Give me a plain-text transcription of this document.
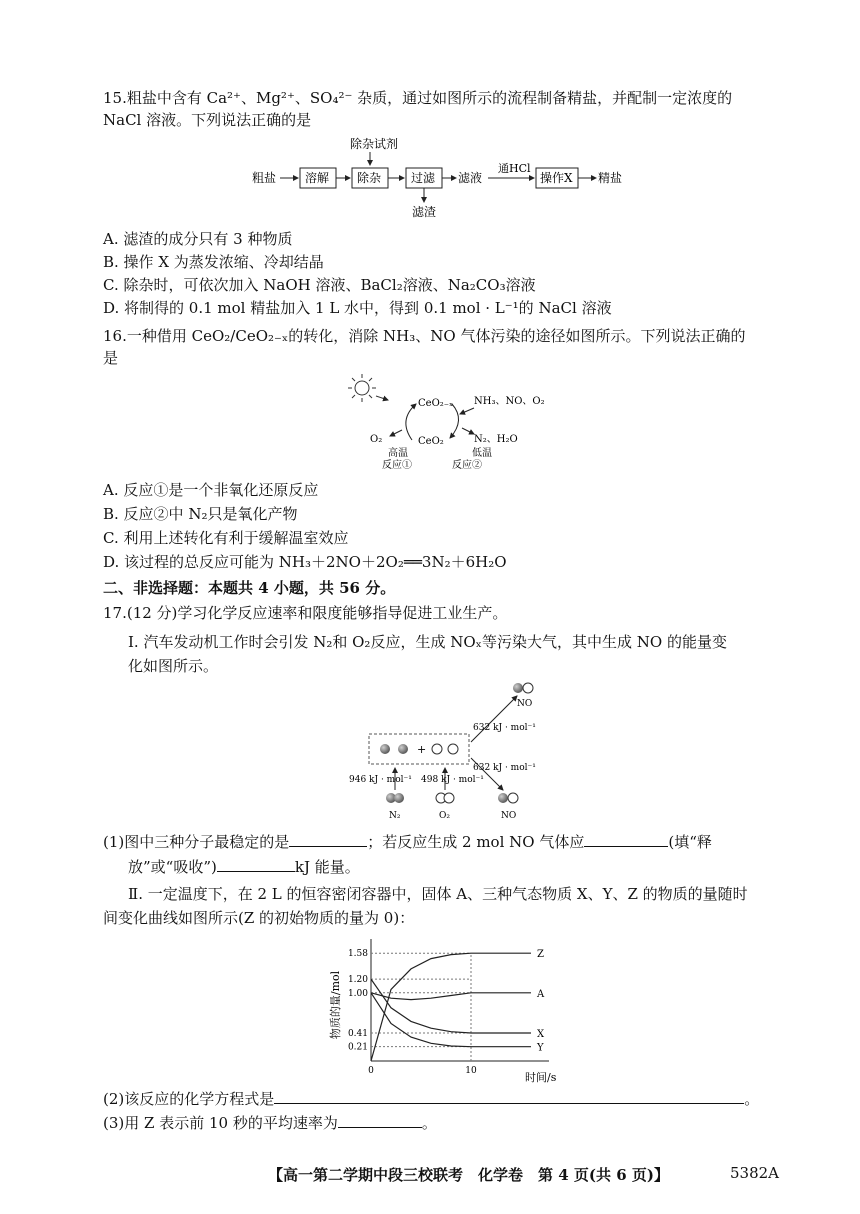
15.粗盐中含有 Ca²⁺、Mg²⁺、SO₄²⁻ 杂质，通过如图所示的流程制备精盐，并配制一定浓度的
NaCl 溶液。下列说法正确的是
除杂试剂
粗盐 溶解 除杂 过滤
滤渣
滤液
通HCl
操作X 精盐
A. 滤渣的成分只有 3 种物质
B. 操作 X 为蒸发浓缩、冷却结晶
C. 除杂时，可依次加入 NaOH 溶液、BaCl₂溶液、Na₂CO₃溶液
D. 将制得的 0.1 mol 精盐加入 1 L 水中，得到 0.1 mol · L⁻¹的 NaCl 溶液
16.一种借用 CeO₂/CeO₂₋ₓ的转化，消除 NH₃、NO 气体污染的途径如图所示。下列说法正确的
是
CeO₂₋ₓ
CeO₂
O₂
NH₃、NO、O₂
N₂、H₂O
高温	低温
反应①	反应②
A. 反应①是一个非氧化还原反应
B. 反应②中 N₂只是氧化产物
C. 利用上述转化有利于缓解温室效应
D. 该过程的总反应可能为 NH₃＋2NO＋2O₂══3N₂＋6H₂O
二、非选择题：本题共 4 小题，共 56 分。
17.(12 分)学习化学反应速率和限度能够指导促进工业生产。
Ⅰ. 汽车发动机工作时会引发 N₂和 O₂反应，生成 NOₓ等污染大气，其中生成 NO 的能量变
化如图所示。
NO
+
632 kJ · mol⁻¹
632 kJ · mol⁻¹
946 kJ · mol⁻¹ 498 kJ · mol⁻¹
N₂	O₂	NO
(1)图中三种分子最稳定的是	；若反应生成 2 mol NO 气体应	(填“释
放”或“吸收”)	kJ 能量。
Ⅱ. 一定温度下，在 2 L 的恒容密闭容器中，固体 A、三种气态物质 X、Y、Z 的物质的量随时
间变化曲线如图所示(Z 的初始物质的量为 0)：
物质的量/mol
时间/s
1.58
1.20
1.00
0.41
0.21
0	10
Z
A
X
Y
(2)该反应的化学方程式是	。
(3)用 Z 表示前 10 秒的平均速率为	。
【高一第二学期中段三校联考　化学卷　第 4 页(共 6 页)】	5382A
